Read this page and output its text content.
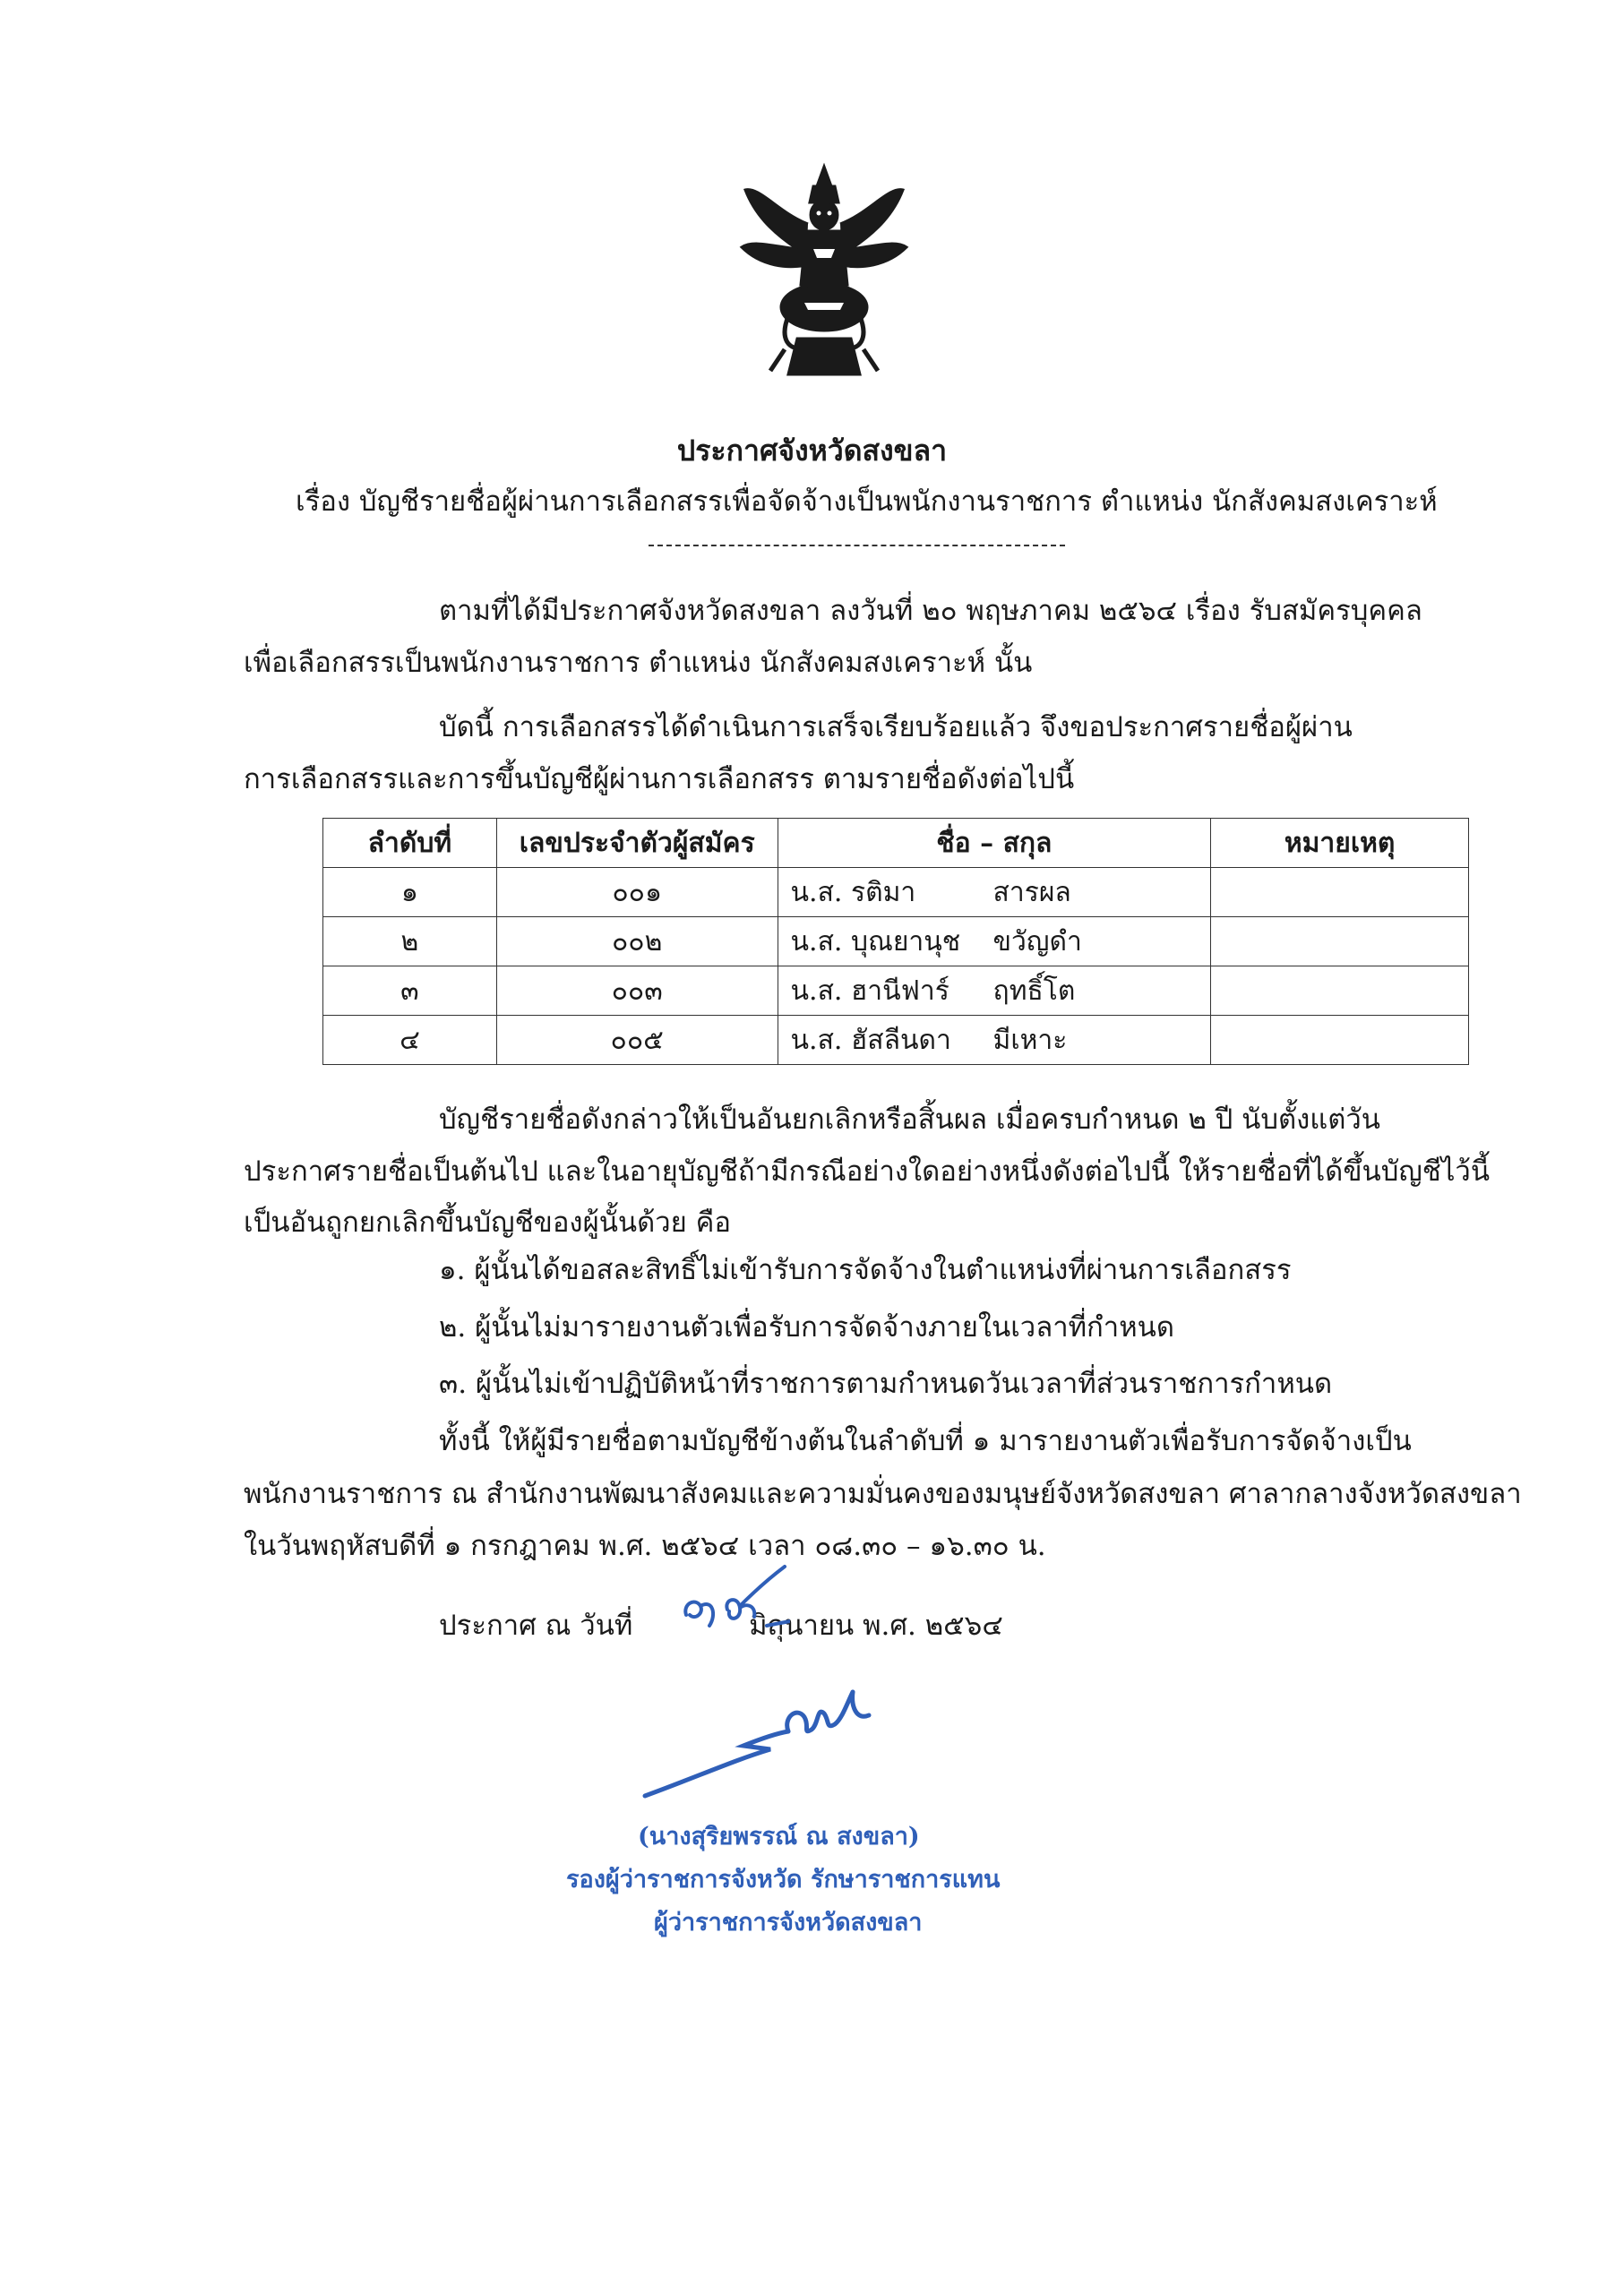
ประกาศจังหวัดสงขลา
เรื่อง บัญชีรายชื่อผู้ผ่านการเลือกสรรเพื่อจัดจ้างเป็นพนักงานราชการ ตำแหน่ง นักสังคมสงเคราะห์
ตามที่ได้มีประกาศจังหวัดสงขลา ลงวันที่ ๒๐ พฤษภาคม ๒๕๖๔ เรื่อง รับสมัครบุคคล
เพื่อเลือกสรรเป็นพนักงานราชการ ตำแหน่ง นักสังคมสงเคราะห์ นั้น
บัดนี้ การเลือกสรรได้ดำเนินการเสร็จเรียบร้อยแล้ว จึงขอประกาศรายชื่อผู้ผ่าน
การเลือกสรรและการขึ้นบัญชีผู้ผ่านการเลือกสรร ตามรายชื่อดังต่อไปนี้
ลำดับที่	เลขประจำตัวผู้สมัคร	ชื่อ – สกุล	หมายเหตุ
๑	๐๐๑	น.ส. รติมา สารผล	
๒	๐๐๒	น.ส. บุณยานุช ขวัญดำ	
๓	๐๐๓	น.ส. ฮานีฟาร์ ฤทธิ์โต	
๔	๐๐๕	น.ส. ฮัสลีนดา มีเหาะ	
บัญชีรายชื่อดังกล่าวให้เป็นอันยกเลิกหรือสิ้นผล เมื่อครบกำหนด ๒ ปี นับตั้งแต่วัน
ประกาศรายชื่อเป็นต้นไป และในอายุบัญชีถ้ามีกรณีอย่างใดอย่างหนึ่งดังต่อไปนี้ ให้รายชื่อที่ได้ขึ้นบัญชีไว้นี้
เป็นอันถูกยกเลิกขึ้นบัญชีของผู้นั้นด้วย คือ
๑. ผู้นั้นได้ขอสละสิทธิ์ไม่เข้ารับการจัดจ้างในตำแหน่งที่ผ่านการเลือกสรร
๒. ผู้นั้นไม่มารายงานตัวเพื่อรับการจัดจ้างภายในเวลาที่กำหนด
๓. ผู้นั้นไม่เข้าปฏิบัติหน้าที่ราชการตามกำหนดวันเวลาที่ส่วนราชการกำหนด
ทั้งนี้ ให้ผู้มีรายชื่อตามบัญชีข้างต้นในลำดับที่ ๑ มารายงานตัวเพื่อรับการจัดจ้างเป็น
พนักงานราชการ ณ สำนักงานพัฒนาสังคมและความมั่นคงของมนุษย์จังหวัดสงขลา ศาลากลางจังหวัดสงขลา
ในวันพฤหัสบดีที่ ๑ กรกฎาคม พ.ศ. ๒๕๖๔ เวลา ๐๘.๓๐ – ๑๖.๓๐ น.
ประกาศ ณ วันที่	มิถุนายน พ.ศ. ๒๕๖๔
(นางสุริยพรรณ์ ณ สงขลา)
รองผู้ว่าราชการจังหวัด รักษาราชการแทน
ผู้ว่าราชการจังหวัดสงขลา
